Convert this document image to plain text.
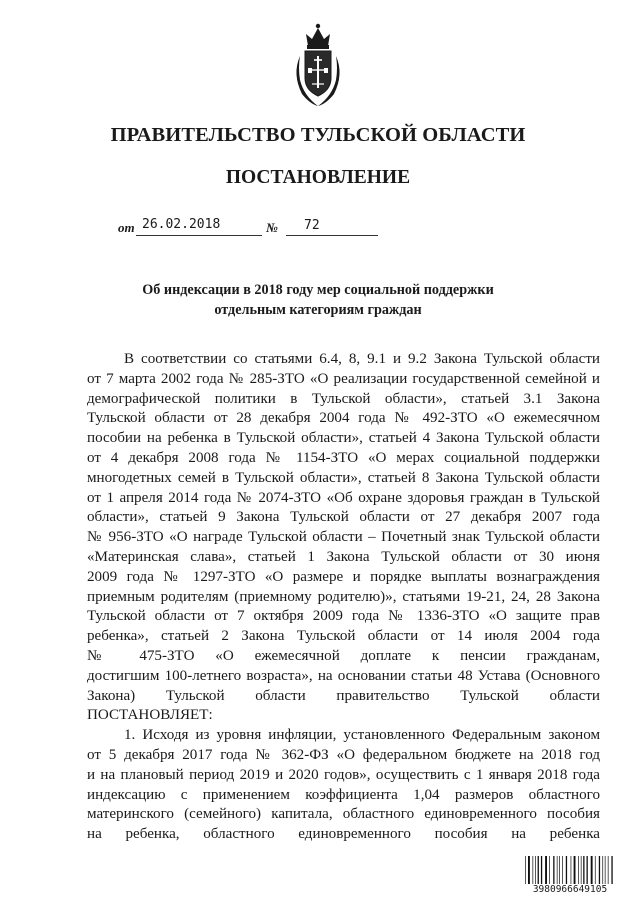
ПРАВИТЕЛЬСТВО ТУЛЬСКОЙ ОБЛАСТИ
ПОСТАНОВЛЕНИЕ
от 26.02.2018	№	72
Об индексации в 2018 году мер социальной поддержки
отдельным категориям граждан
В соответствии со статьями 6.4, 8, 9.1 и 9.2 Закона Тульской области
от 7 марта 2002 года № 285-ЗТО «О реализации государственной семейной и
демографической политики в Тульской области», статьей 3.1 Закона
Тульской области от 28 декабря 2004 года № 492-ЗТО «О ежемесячном
пособии на ребенка в Тульской области», статьей 4 Закона Тульской области
от 4 декабря 2008 года № 1154-ЗТО «О мерах социальной поддержки
многодетных семей в Тульской области», статьей 8 Закона Тульской области
от 1 апреля 2014 года № 2074-ЗТО «Об охране здоровья граждан в Тульской
области», статьей 9 Закона Тульской области от 27 декабря 2007 года
№ 956-ЗТО «О награде Тульской области – Почетный знак Тульской области
«Материнская слава», статьей 1 Закона Тульской области от 30 июня
2009 года № 1297-ЗТО «О размере и порядке выплаты вознаграждения
приемным родителям (приемному родителю)», статьями 19-21, 24, 28 Закона
Тульской области от 7 октября 2009 года № 1336-ЗТО «О защите прав
ребенка», статьей 2 Закона Тульской области от 14 июля 2004 года
№ 475-ЗТО «О ежемесячной доплате к пенсии гражданам,
достигшим 100-летнего возраста», на основании статьи 48 Устава (Основного
Закона) Тульской области правительство Тульской области
ПОСТАНОВЛЯЕТ:
1. Исходя из уровня инфляции, установленного Федеральным законом
от 5 декабря 2017 года № 362-ФЗ «О федеральном бюджете на 2018 год
и на плановый период 2019 и 2020 годов», осуществить с 1 января 2018 года
индексацию с применением коэффициента 1,04 размеров областного
материнского (семейного) капитала, областного единовременного пособия
на ребенка, областного единовременного пособия на ребенка
3980966649105
